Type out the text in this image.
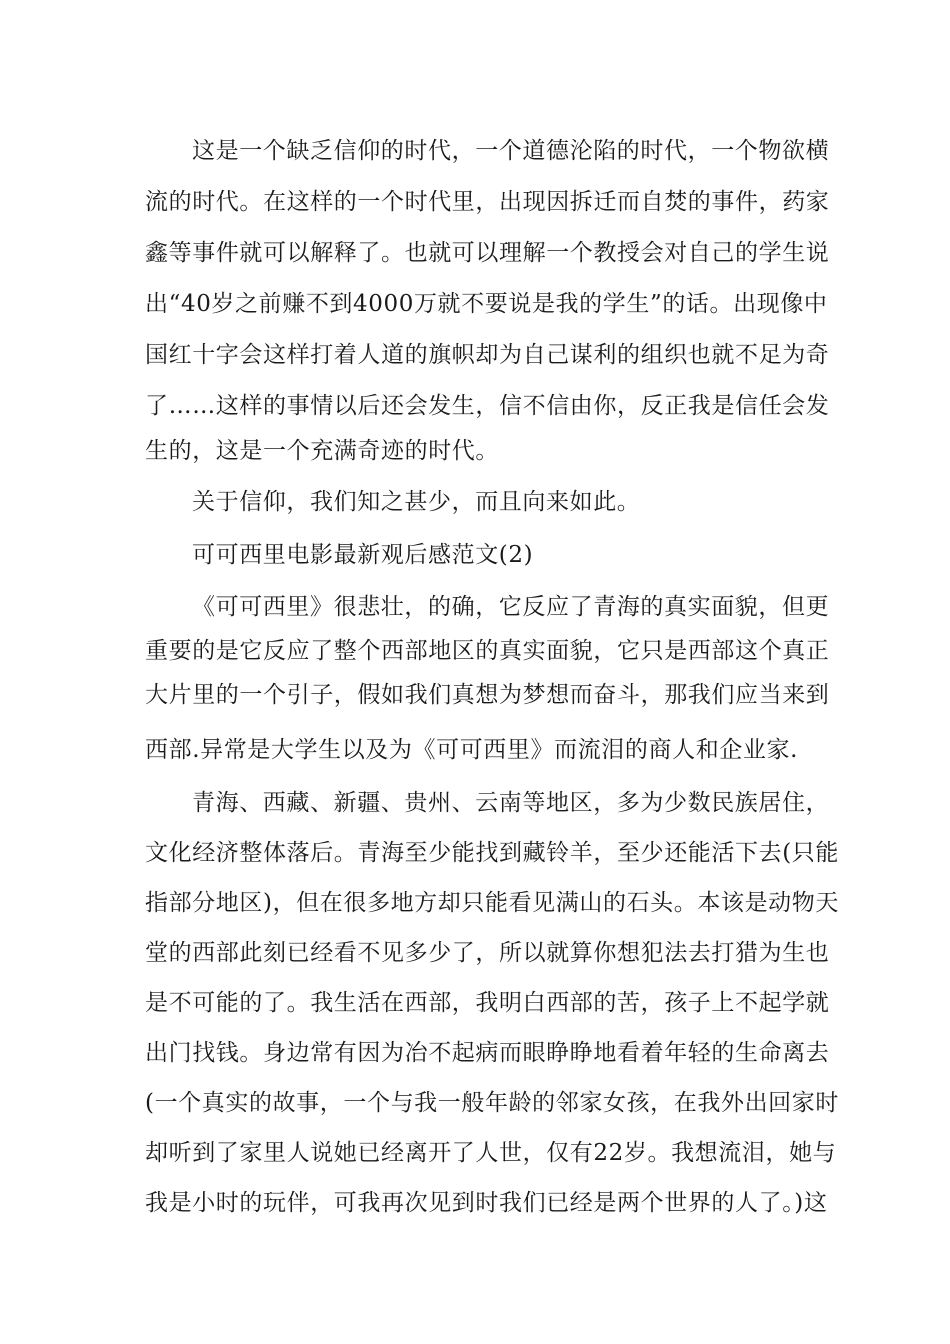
这是一个缺乏信仰的时代，一个道德沦陷的时代，一个物欲横
流的时代。在这样的一个时代里，出现因拆迁而自焚的事件，药家
鑫等事件就可以解释了。也就可以理解一个教授会对自己的学生说
出“40岁之前赚不到4000万就不要说是我的学生”的话。出现像中
国红十字会这样打着人道的旗帜却为自己谋利的组织也就不足为奇
了……这样的事情以后还会发生，信不信由你，反正我是信任会发
生的，这是一个充满奇迹的时代。
关于信仰，我们知之甚少，而且向来如此。
可可西里电影最新观后感范文(2)
《可可西里》很悲壮，的确，它反应了青海的真实面貌，但更
重要的是它反应了整个西部地区的真实面貌，它只是西部这个真正
大片里的一个引子，假如我们真想为梦想而奋斗，那我们应当来到
西部.异常是大学生以及为《可可西里》而流泪的商人和企业家.
青海、西藏、新疆、贵州、云南等地区，多为少数民族居住，
文化经济整体落后。青海至少能找到藏铃羊，至少还能活下去(只能
指部分地区)，但在很多地方却只能看见满山的石头。本该是动物天
堂的西部此刻已经看不见多少了，所以就算你想犯法去打猎为生也
是不可能的了。我生活在西部，我明白西部的苦，孩子上不起学就
出门找钱。身边常有因为冶不起病而眼睁睁地看着年轻的生命离去
(一个真实的故事，一个与我一般年龄的邻家女孩，在我外出回家时
却听到了家里人说她已经离开了人世，仅有22岁。我想流泪，她与
我是小时的玩伴，可我再次见到时我们已经是两个世界的人了。)这
